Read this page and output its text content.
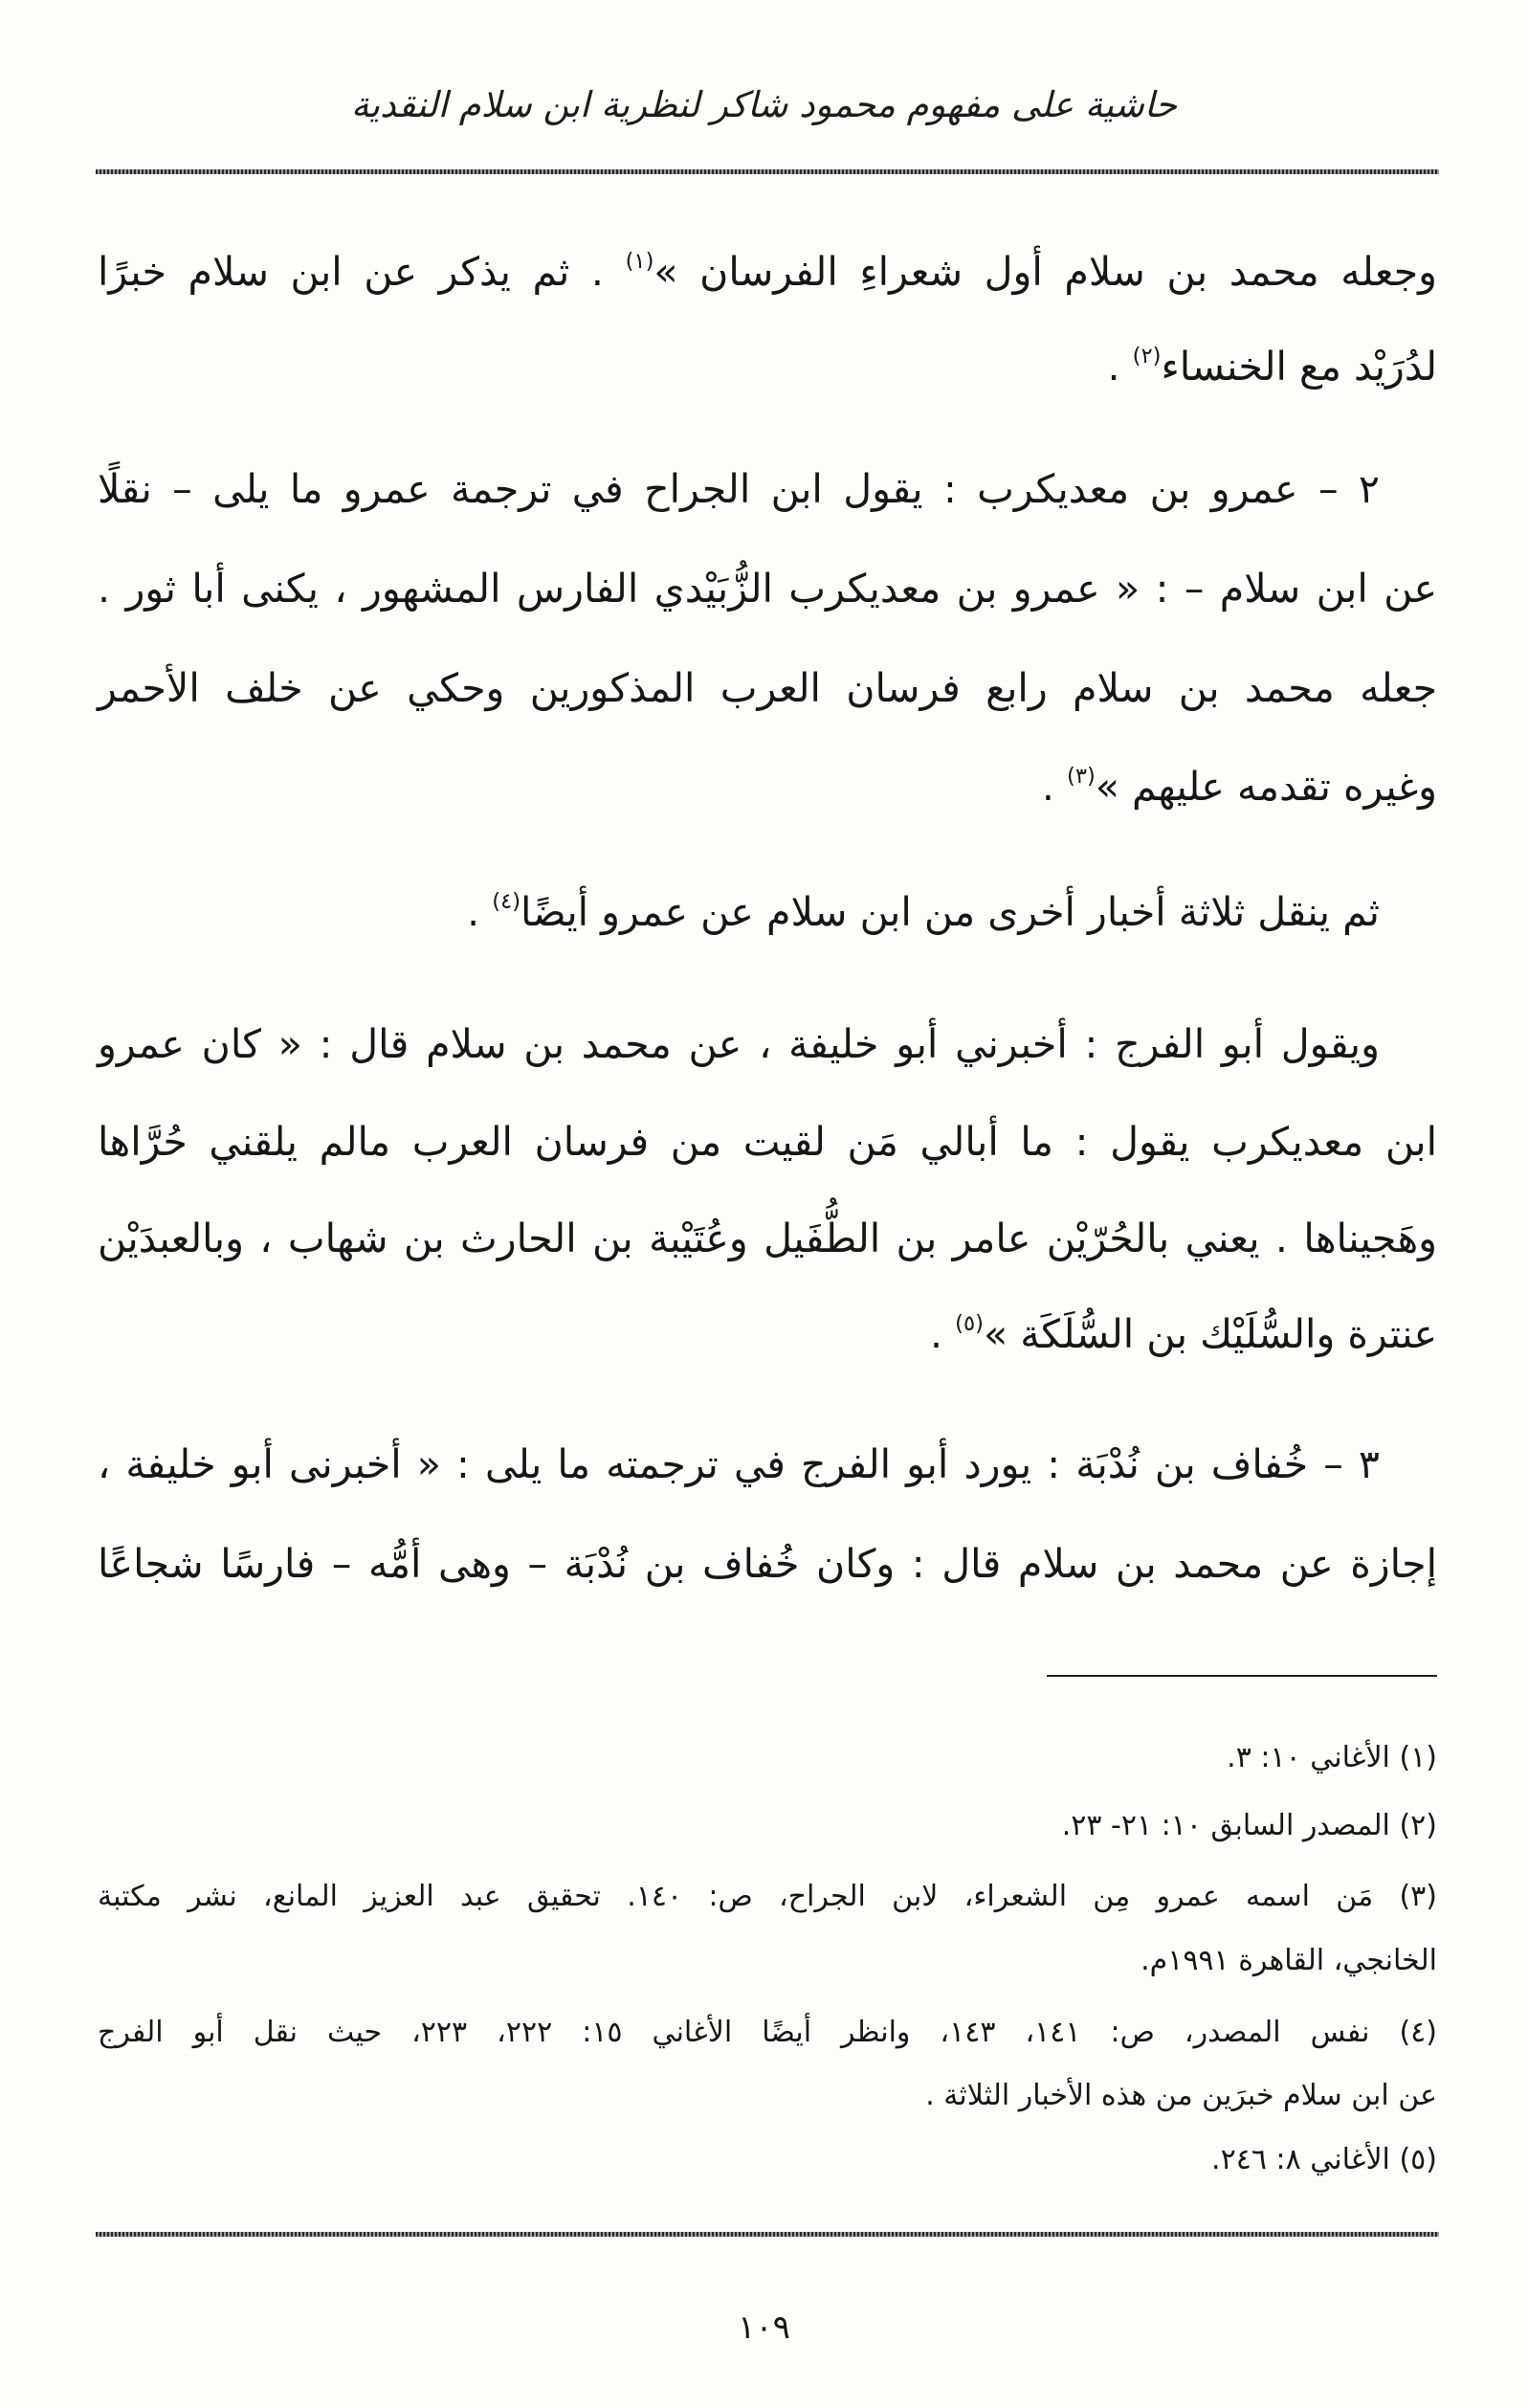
حاشية على مفهوم محمود شاكر لنظرية ابن سلام النقدية
وجعله محمد بن سلام أول شعراءِ الفرسان »$^{(١)}$ . ثم يذكر عن ابن سلام خبرًا
لدُرَيْد مع الخنساء$^{(٢)}$ .
٢ – عمرو بن معديكرب : يقول ابن الجراح في ترجمة عمرو ما يلى – نقلًا
عن ابن سلام – : « عمرو بن معديكرب الزُّبَيْدي الفارس المشهور ، يكنى أبا ثور .
جعله محمد بن سلام رابع فرسان العرب المذكورين وحكي عن خلف الأحمر
وغيره تقدمه عليهم »$^{(٣)}$ .
ثم ينقل ثلاثة أخبار أخرى من ابن سلام عن عمرو أيضًا$^{(٤)}$ .
ويقول أبو الفرج : أخبرني أبو خليفة ، عن محمد بن سلام قال : « كان عمرو
ابن معديكرب يقول : ما أبالي مَن لقيت من فرسان العرب مالم يلقني حُرَّاها
وهَجيناها . يعني بالحُرّيْن عامر بن الطُّفَيل وعُتَيْبة بن الحارث بن شهاب ، وبالعبدَيْن
عنترة والسُّلَيْك بن السُّلَكَة »$^{(٥)}$ .
٣ – خُفاف بن نُدْبَة : يورد أبو الفرج في ترجمته ما يلى : « أخبرنى أبو خليفة ،
إجازة عن محمد بن سلام قال : وكان خُفاف بن نُدْبَة – وهى أمُّه – فارسًا شجاعًا
(١) الأغاني ١٠: ٣.
(٢) المصدر السابق ١٠: ٢١- ٢٣.
(٣) مَن اسمه عمرو مِن الشعراء، لابن الجراح، ص: ١٤٠. تحقيق عبد العزيز المانع، نشر مكتبة
الخانجي، القاهرة ١٩٩١م.
(٤) نفس المصدر، ص: ١٤١، ١٤٣، وانظر أيضًا الأغاني ١٥: ٢٢٢، ٢٢٣، حيث نقل أبو الفرج
عن ابن سلام خبرَين من هذه الأخبار الثلاثة .
(٥) الأغاني ٨: ٢٤٦.
١٠٩
